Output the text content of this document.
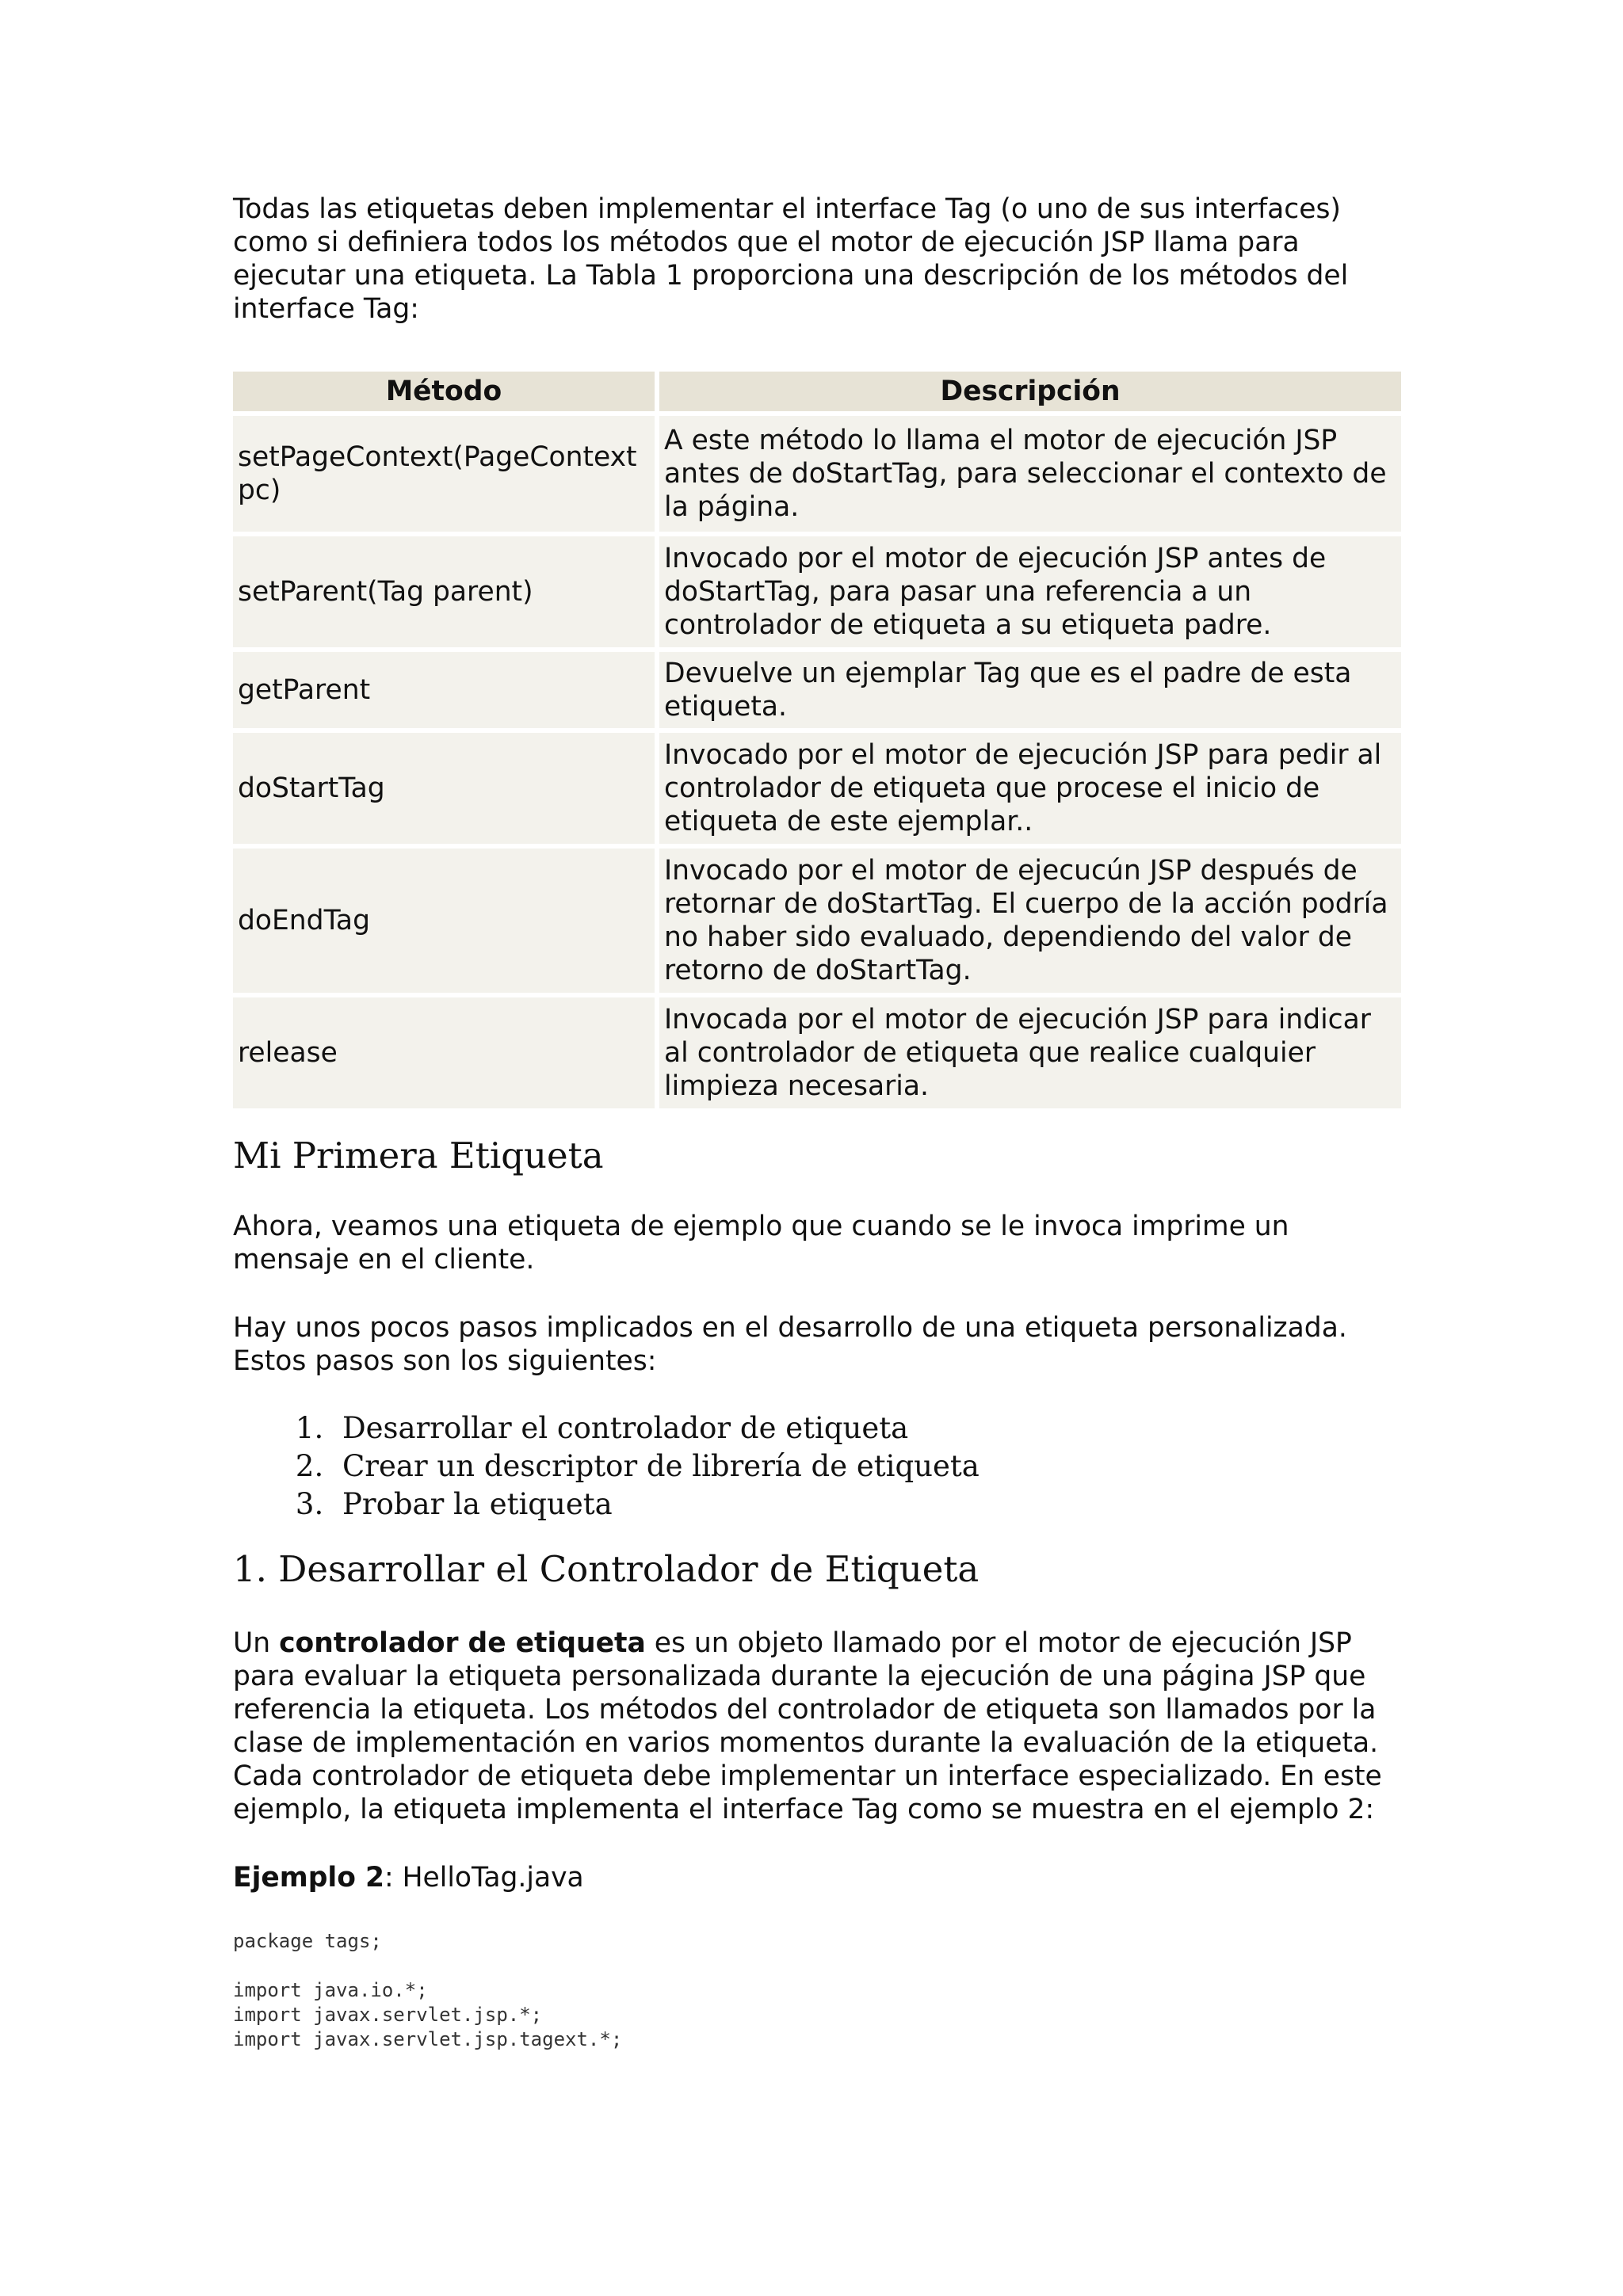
Todas las etiquetas deben implementar el interface Tag (o uno de sus interfaces) como si definiera todos los métodos que el motor de ejecución JSP llama para ejecutar una etiqueta. La Tabla 1 proporciona una descripción de los métodos del interface Tag:

Método	Descripción
setPageContext(PageContext pc)	A este método lo llama el motor de ejecución JSP antes de doStartTag, para seleccionar el contexto de la página.
setParent(Tag parent)	Invocado por el motor de ejecución JSP antes de doStartTag, para pasar una referencia a un controlador de etiqueta a su etiqueta padre.
getParent	Devuelve un ejemplar Tag que es el padre de esta etiqueta.
doStartTag	Invocado por el motor de ejecución JSP para pedir al controlador de etiqueta que procese el inicio de etiqueta de este ejemplar..
doEndTag	Invocado por el motor de ejecucún JSP después de retornar de doStartTag. El cuerpo de la acción podría no haber sido evaluado, dependiendo del valor de retorno de doStartTag.
release	Invocada por el motor de ejecución JSP para indicar al controlador de etiqueta que realice cualquier limpieza necesaria.
Mi Primera Etiqueta

Ahora, veamos una etiqueta de ejemplo que cuando se le invoca imprime un mensaje en el cliente.

Hay unos pocos pasos implicados en el desarrollo de una etiqueta personalizada. Estos pasos son los siguientes:

1. Desarrollar el controlador de etiqueta
2. Crear un descriptor de librería de etiqueta
3. Probar la etiqueta
1. Desarrollar el Controlador de Etiqueta

Un controlador de etiqueta es un objeto llamado por el motor de ejecución JSP para evaluar la etiqueta personalizada durante la ejecución de una página JSP que referencia la etiqueta. Los métodos del controlador de etiqueta son llamados por la clase de implementación en varios momentos durante la evaluación de la etiqueta. Cada controlador de etiqueta debe implementar un interface especializado. En este ejemplo, la etiqueta implementa el interface Tag como se muestra en el ejemplo 2:

Ejemplo 2: HelloTag.java

package tags;

import java.io.*;
import javax.servlet.jsp.*;
import javax.servlet.jsp.tagext.*;
